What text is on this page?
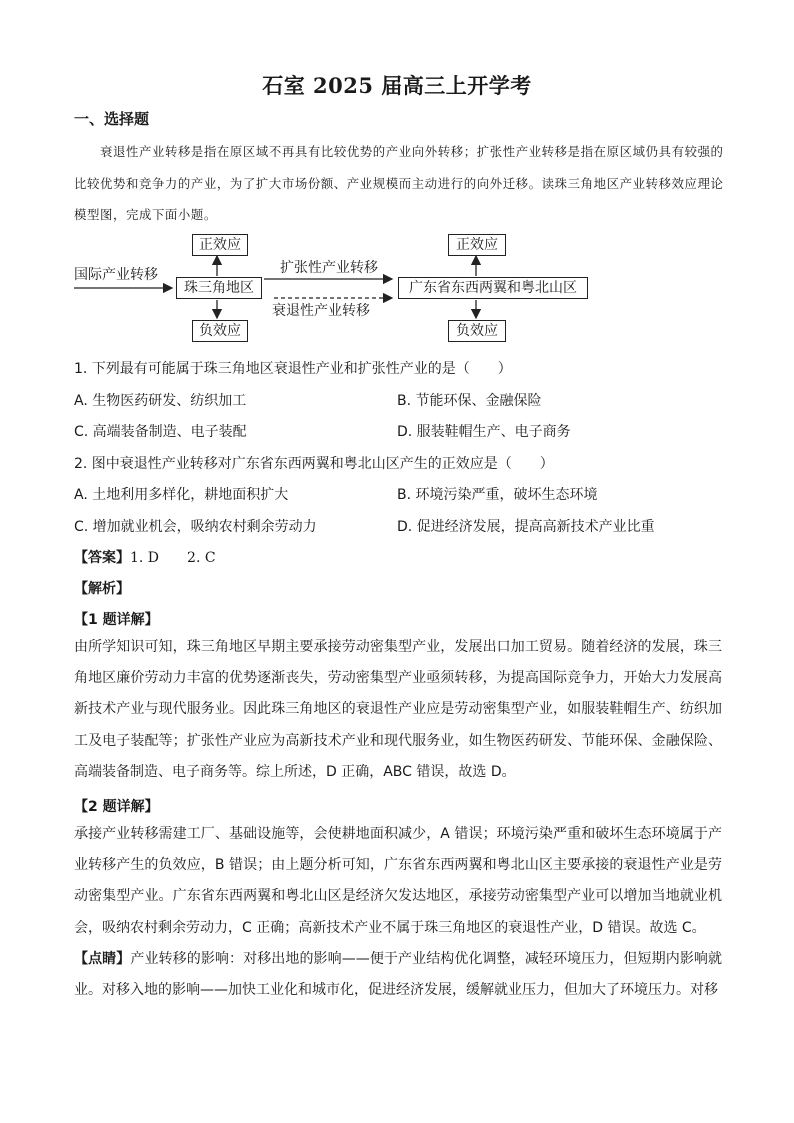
石室 2025 届高三上开学考
一、选择题
衰退性产业转移是指在原区域不再具有比较优势的产业向外转移；扩张性产业转移是指在原区域仍具有较强的比较优势和竞争力的产业，为了扩大市场份额、产业规模而主动进行的向外迁移。读珠三角地区产业转移效应理论模型图，完成下面小题。
国际产业转移
正效应
珠三角地区
负效应
扩张性产业转移
衰退性产业转移
正效应
广东省东西两翼和粤北山区
负效应
1. 下列最有可能属于珠三角地区衰退性产业和扩张性产业的是（　　）
A. 生物医药研发、纺织加工	B. 节能环保、金融保险
C. 高端装备制造、电子装配	D. 服装鞋帽生产、电子商务
2. 图中衰退性产业转移对广东省东西两翼和粤北山区产生的正效应是（　　）
A. 土地利用多样化，耕地面积扩大	B. 环境污染严重，破坏生态环境
C. 增加就业机会，吸纳农村剩余劳动力	D. 促进经济发展，提高高新技术产业比重
【答案】1. D　　2. C
【解析】
【1 题详解】
由所学知识可知，珠三角地区早期主要承接劳动密集型产业，发展出口加工贸易。随着经济的发展，珠三角地区廉价劳动力丰富的优势逐渐丧失，劳动密集型产业亟须转移，为提高国际竞争力，开始大力发展高新技术产业与现代服务业。因此珠三角地区的衰退性产业应是劳动密集型产业，如服装鞋帽生产、纺织加工及电子装配等；扩张性产业应为高新技术产业和现代服务业，如生物医药研发、节能环保、金融保险、高端装备制造、电子商务等。综上所述，D 正确，ABC 错误，故选 D。
【2 题详解】
承接产业转移需建工厂、基础设施等，会使耕地面积减少，A 错误；环境污染严重和破坏生态环境属于产业转移产生的负效应，B 错误；由上题分析可知，广东省东西两翼和粤北山区主要承接的衰退性产业是劳动密集型产业。广东省东西两翼和粤北山区是经济欠发达地区，承接劳动密集型产业可以增加当地就业机会，吸纳农村剩余劳动力，C 正确；高新技术产业不属于珠三角地区的衰退性产业，D 错误。故选 C。
【点睛】产业转移的影响：对移出地的影响——便于产业结构优化调整，减轻环境压力，但短期内影响就业。对移入地的影响——加快工业化和城市化，促进经济发展，缓解就业压力，但加大了环境压力。对移
